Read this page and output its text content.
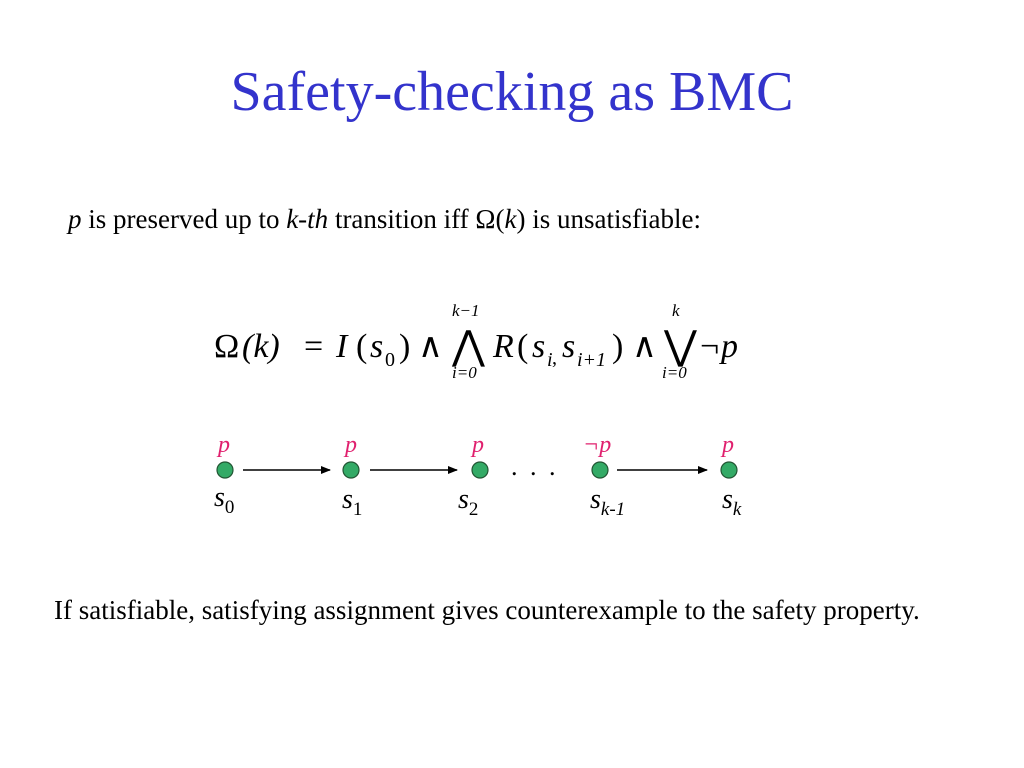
Safety-checking as BMC
p is preserved up to k-th transition iff Ω(k) is unsatisfiable:
Ω (k) = I ( s 0 ) ∧
k−1
⋀
i=0
R ( s i , s i+1 ) ∧
k
⋁
i=0
¬p
p	p	p	¬p	p
$s_0$	$s_1$	$s_2$	$s_{k-1}$	$s_k$
. . .
If satisfiable, satisfying assignment gives counterexample to the safety property.
